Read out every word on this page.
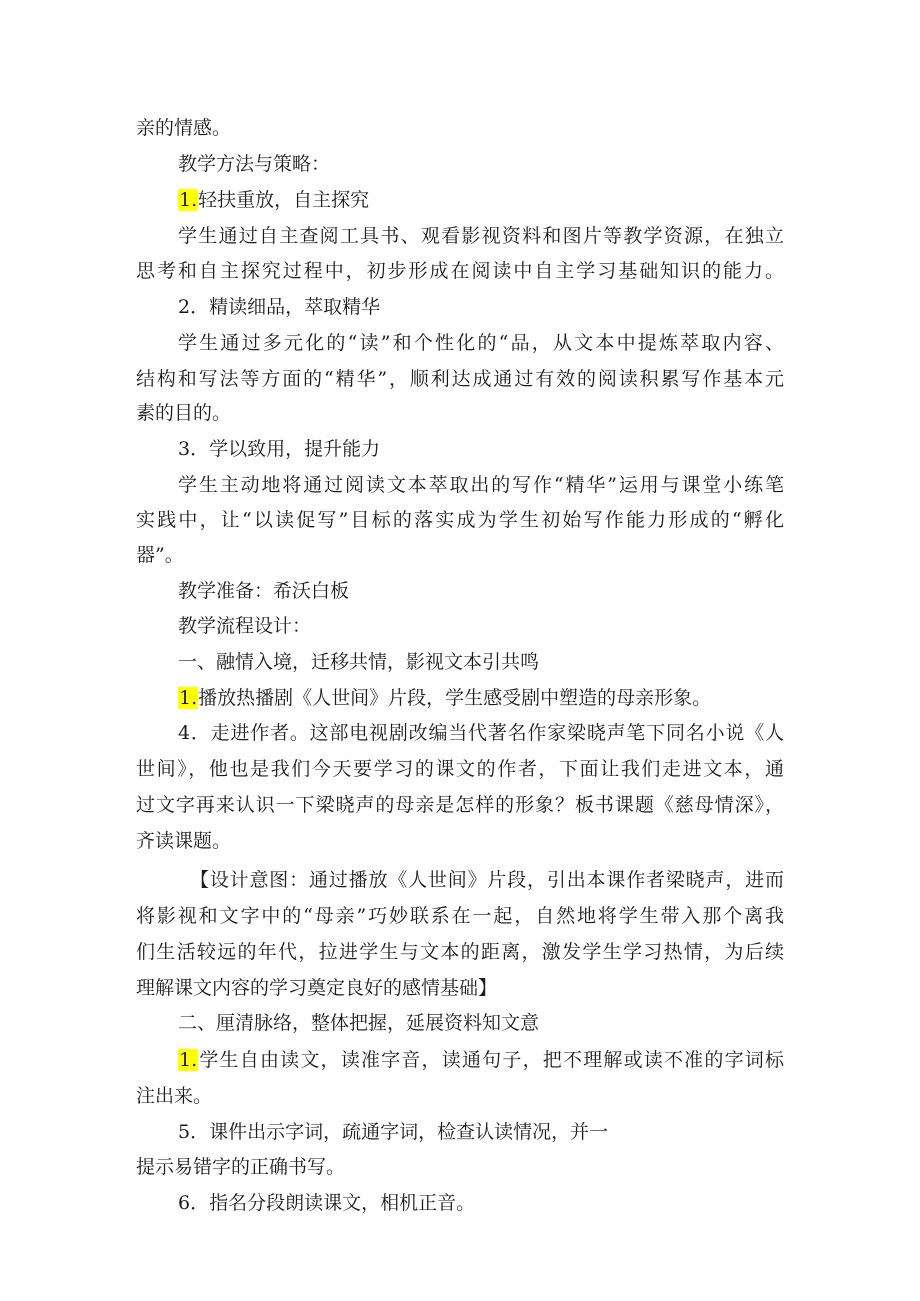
亲的情感。
教学方法与策略：
1.轻扶重放，自主探究
学生通过自主查阅工具书、观看影视资料和图片等教学资源，在独立
思考和自主探究过程中，初步形成在阅读中自主学习基础知识的能力。
2．精读细品，萃取精华
学生通过多元化的“读”和个性化的“品，从文本中提炼萃取内容、
结构和写法等方面的“精华”，顺利达成通过有效的阅读积累写作基本元
素的目的。
3．学以致用，提升能力
学生主动地将通过阅读文本萃取出的写作“精华”运用与课堂小练笔
实践中，让“以读促写”目标的落实成为学生初始写作能力形成的“孵化
器”。
教学准备：希沃白板
教学流程设计：
一、融情入境，迁移共情，影视文本引共鸣
1.播放热播剧《人世间》片段，学生感受剧中塑造的母亲形象。
4．走进作者。这部电视剧改编当代著名作家梁晓声笔下同名小说《人
世间》，他也是我们今天要学习的课文的作者，下面让我们走进文本，通
过文字再来认识一下梁晓声的母亲是怎样的形象？板书课题《慈母情深》，
齐读课题。
【设计意图：通过播放《人世间》片段，引出本课作者梁晓声，进而
将影视和文字中的“母亲”巧妙联系在一起，自然地将学生带入那个离我
们生活较远的年代，拉进学生与文本的距离，激发学生学习热情，为后续
理解课文内容的学习奠定良好的感情基础】
二、厘清脉络，整体把握，延展资料知文意
1.学生自由读文，读准字音，读通句子，把不理解或读不准的字词标
注出来。
5．课件出示字词，疏通字词，检查认读情况，并一
提示易错字的正确书写。
6．指名分段朗读课文，相机正音。
